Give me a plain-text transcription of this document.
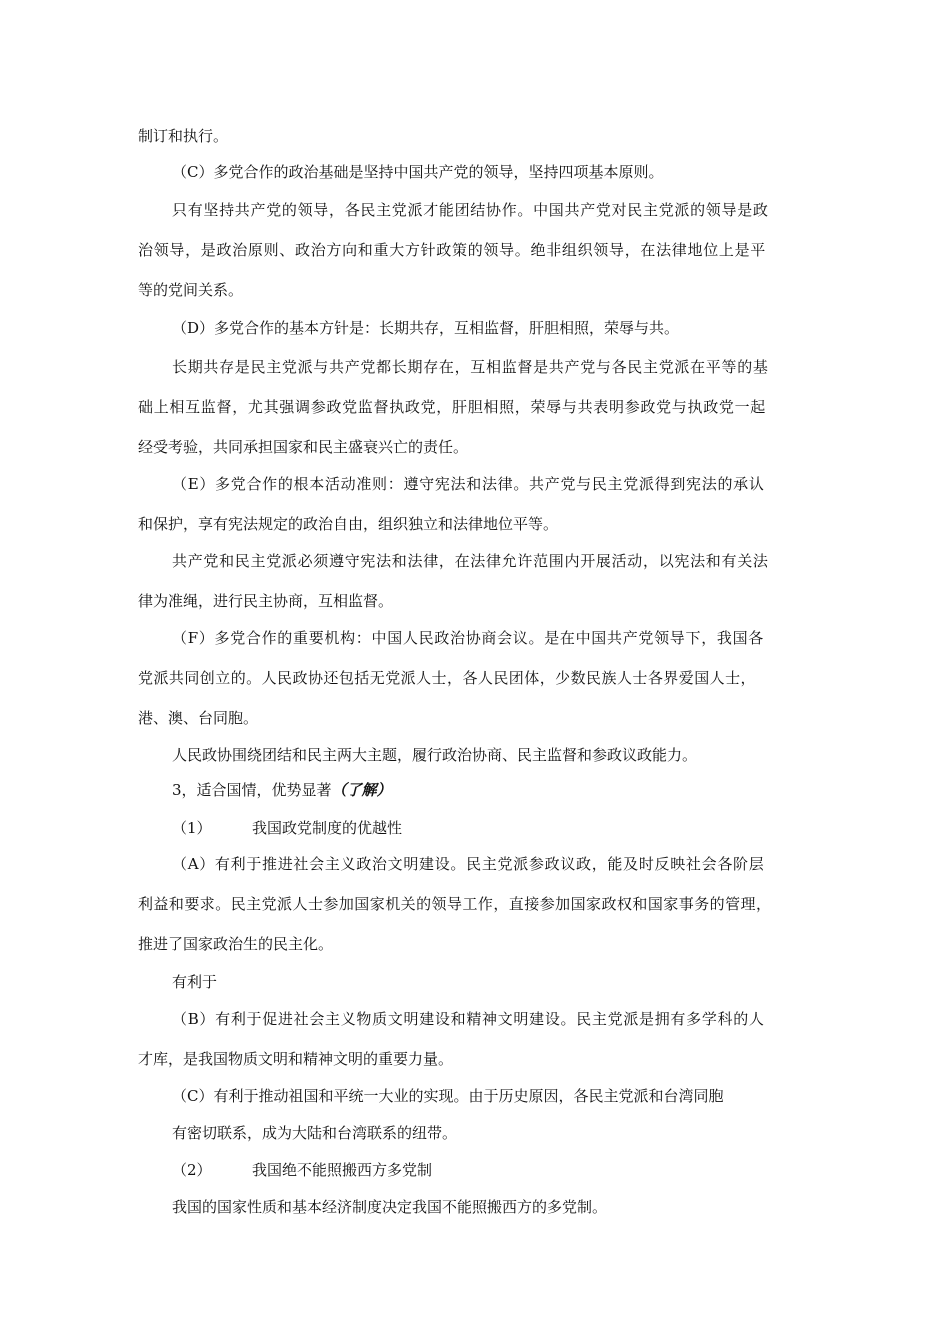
制订和执行。
（C）多党合作的政治基础是坚持中国共产党的领导，坚持四项基本原则。
只有坚持共产党的领导，各民主党派才能团结协作。中国共产党对民主党派的领导是政
治领导，是政治原则、政治方向和重大方针政策的领导。绝非组织领导，在法律地位上是平
等的党间关系。
（D）多党合作的基本方针是：长期共存，互相监督，肝胆相照，荣辱与共。
长期共存是民主党派与共产党都长期存在，互相监督是共产党与各民主党派在平等的基
础上相互监督，尤其强调参政党监督执政党，肝胆相照，荣辱与共表明参政党与执政党一起
经受考验，共同承担国家和民主盛衰兴亡的责任。
（E）多党合作的根本活动准则：遵守宪法和法律。共产党与民主党派得到宪法的承认
和保护，享有宪法规定的政治自由，组织独立和法律地位平等。
共产党和民主党派必须遵守宪法和法律，在法律允许范围内开展活动，以宪法和有关法
律为准绳，进行民主协商，互相监督。
（F）多党合作的重要机构：中国人民政治协商会议。是在中国共产党领导下，我国各
党派共同创立的。人民政协还包括无党派人士，各人民团体，少数民族人士各界爱国人士，
港、澳、台同胞。
人民政协围绕团结和民主两大主题，履行政治协商、民主监督和参政议政能力。
3，适合国情，优势显著（了解）
（1）	我国政党制度的优越性
（A）有利于推进社会主义政治文明建设。民主党派参政议政，能及时反映社会各阶层
利益和要求。民主党派人士参加国家机关的领导工作，直接参加国家政权和国家事务的管理，
推进了国家政治生的民主化。
有利于
（B）有利于促进社会主义物质文明建设和精神文明建设。民主党派是拥有多学科的人
才库，是我国物质文明和精神文明的重要力量。
（C）有利于推动祖国和平统一大业的实现。由于历史原因，各民主党派和台湾同胞
有密切联系，成为大陆和台湾联系的纽带。
（2）	我国绝不能照搬西方多党制
我国的国家性质和基本经济制度决定我国不能照搬西方的多党制。
